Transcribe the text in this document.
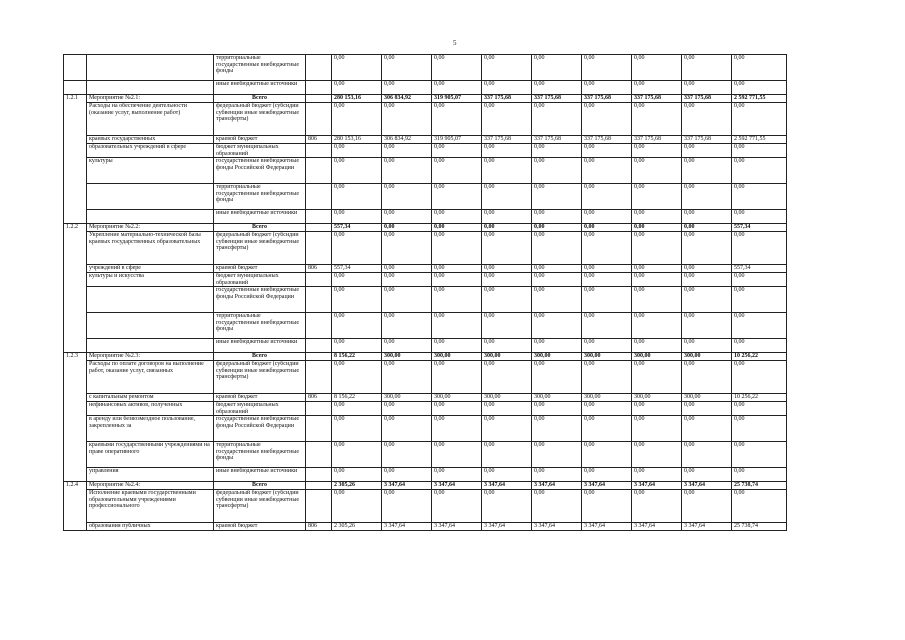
5
		территориальные государственные внебюджетные фонды		0,00	0,00	0,00	0,00	0,00	0,00	0,00	0,00	0,00
		иные внебюджетные источники		0,00	0,00	0,00	0,00	0,00	0,00	0,00	0,00	0,00
1.2.1	Мероприятие №2.1:	Всего		280 153,16	306 834,92	319 905,07	337 175,68	337 175,68	337 175,68	337 175,68	337 175,68	2 592 771,55
	Расходы на обеспечение деятельности (оказание услуг, выполнение работ)	федеральный бюджет (субсидии субвенции иные межбюджетные трансферты)		0,00	0,00	0,00	0,00	0,00	0,00	0,00	0,00	0,00
	краевых государственных	краевой бюджет	806	280 153,16	306 834,92	319 905,07	337 175,68	337 175,68	337 175,68	337 175,68	337 175,68	2 592 771,55
	образовательных учреждений в сфере	бюджет муниципальных образований		0,00	0,00	0,00	0,00	0,00	0,00	0,00	0,00	0,00
	культуры	государственные внебюджетные фонды Российской Федерации		0,00	0,00	0,00	0,00	0,00	0,00	0,00	0,00	0,00
		территориальные государственные внебюджетные фонды		0,00	0,00	0,00	0,00	0,00	0,00	0,00	0,00	0,00
		иные внебюджетные источники		0,00	0,00	0,00	0,00	0,00	0,00	0,00	0,00	0,00
1.2.2	Мероприятие №2.2:	Всего		557,34	0,00	0,00	0,00	0,00	0,00	0,00	0,00	557,34
	Укрепление материально-технической базы краевых государственных образовательных	федеральный бюджет (субсидии субвенции иные межбюджетные трансферты)		0,00	0,00	0,00	0,00	0,00	0,00	0,00	0,00	0,00
	учреждений в сфере	краевой бюджет	806	557,34	0,00	0,00	0,00	0,00	0,00	0,00	0,00	557,34
	культуры и искусства	бюджет муниципальных образований		0,00	0,00	0,00	0,00	0,00	0,00	0,00	0,00	0,00
		государственные внебюджетные фонды Российской Федерации		0,00	0,00	0,00	0,00	0,00	0,00	0,00	0,00	0,00
		территориальные государственные внебюджетные фонды		0,00	0,00	0,00	0,00	0,00	0,00	0,00	0,00	0,00
		иные внебюджетные источники		0,00	0,00	0,00	0,00	0,00	0,00	0,00	0,00	0,00
1.2.3	Мероприятие №2.3:	Всего		8 156,22	300,00	300,00	300,00	300,00	300,00	300,00	300,00	10 256,22
	Расходы по оплате договоров на выполнение работ, оказание услуг, связанных	федеральный бюджет (субсидии субвенции иные межбюджетные трансферты)		0,00	0,00	0,00	0,00	0,00	0,00	0,00	0,00	0,00
	с капитальным ремонтом	краевой бюджет	806	8 156,22	300,00	300,00	300,00	300,00	300,00	300,00	300,00	10 256,22
	нефинансовых активов, полученных	бюджет муниципальных образований		0,00	0,00	0,00	0,00	0,00	0,00	0,00	0,00	0,00
	в аренду или безвозмездное пользование, закрепленных за	государственные внебюджетные фонды Российской Федерации		0,00	0,00	0,00	0,00	0,00	0,00	0,00	0,00	0,00
	краевыми государственными учреждениями на праве оперативного	территориальные государственные внебюджетные фонды		0,00	0,00	0,00	0,00	0,00	0,00	0,00	0,00	0,00
	управления	иные внебюджетные источники		0,00	0,00	0,00	0,00	0,00	0,00	0,00	0,00	0,00
1.2.4	Мероприятие №2.4:	Всего		2 305,26	3 347,64	3 347,64	3 347,64	3 347,64	3 347,64	3 347,64	3 347,64	25 738,74
	Исполнение краевыми государственными образовательными учреждениями профессионального	федеральный бюджет (субсидии субвенции иные межбюджетные трансферты)		0,00	0,00	0,00	0,00	0,00	0,00	0,00	0,00	0,00
	образования публичных	краевой бюджет	806	2 305,26	3 347,64	3 347,64	3 347,64	3 347,64	3 347,64	3 347,64	3 347,64	25 738,74
